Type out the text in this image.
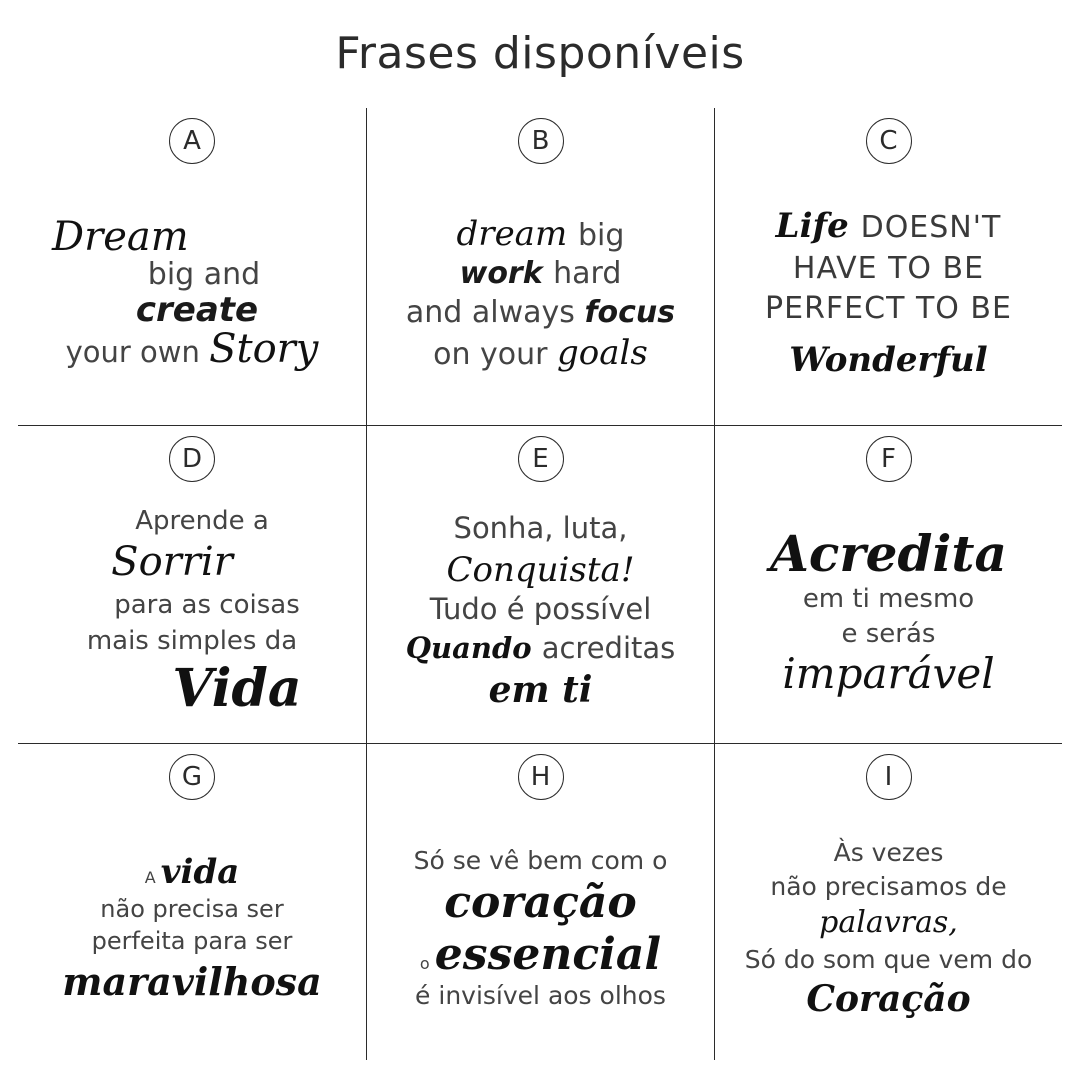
Frases disponíveis
A
Dream
big and
create
your own Story
B
dream big
work hard
and always focus
on your goals
C
Life DOESN'T
HAVE TO BE
PERFECT TO BE
Wonderful
D
Aprende a
Sorrir
para as coisas
mais simples da
Vida
E
Sonha, luta,
Conquista!
Tudo é possível
Quando acreditas
em ti
F
Acredita
em ti mesmo
e serás
imparável
G
A vida
não precisa ser
perfeita para ser
maravilhosa
H
Só se vê bem com o
coração
o essencial
é invisível aos olhos
I
Às vezes
não precisamos de
palavras,
Só do som que vem do
Coração
